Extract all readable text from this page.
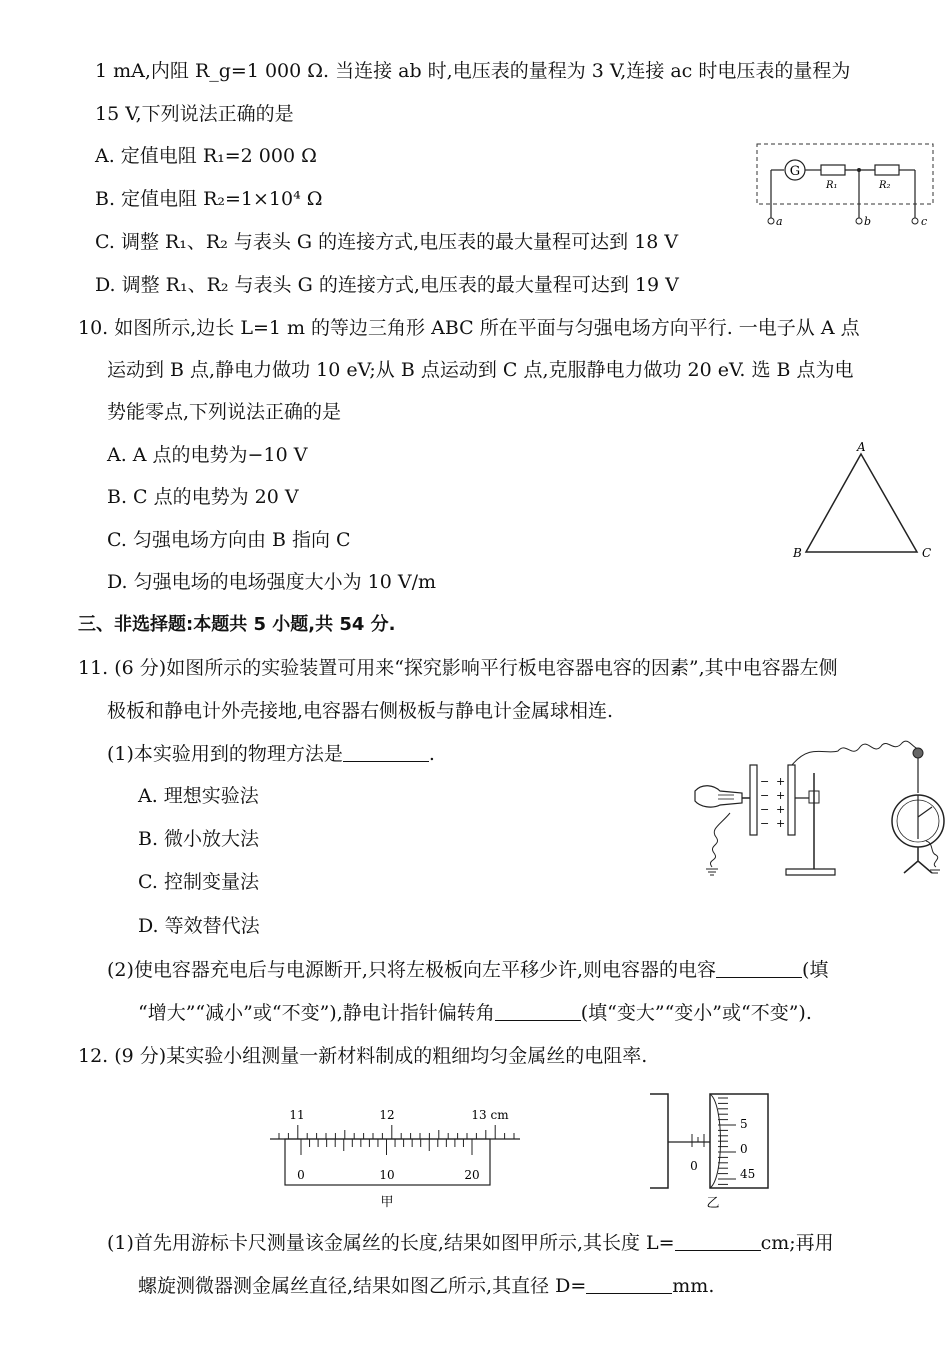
1 mA,内阻 R_g=1 000 Ω. 当连接 ab 时,电压表的量程为 3 V,连接 ac 时电压表的量程为
15 V,下列说法正确的是
A. 定值电阻 R₁=2 000 Ω
B. 定值电阻 R₂=1×10⁴ Ω
C. 调整 R₁、R₂ 与表头 G 的连接方式,电压表的最大量程可达到 18 V
D. 调整 R₁、R₂ 与表头 G 的连接方式,电压表的最大量程可达到 19 V
G
R₁	R₂
a	b	c
10. 如图所示,边长 L=1 m 的等边三角形 ABC 所在平面与匀强电场方向平行. 一电子从 A 点
运动到 B 点,静电力做功 10 eV;从 B 点运动到 C 点,克服静电力做功 20 eV. 选 B 点为电
势能零点,下列说法正确的是
A. A 点的电势为−10 V
B. C 点的电势为 20 V
C. 匀强电场方向由 B 指向 C
D. 匀强电场的电场强度大小为 10 V/m
A
B	C
三、非选择题:本题共 5 小题,共 54 分.
11. (6 分)如图所示的实验装置可用来“探究影响平行板电容器电容的因素”,其中电容器左侧
极板和静电计外壳接地,电容器右侧极板与静电计金属球相连.
(1)本实验用到的物理方法是	.
A. 理想实验法
B. 微小放大法
C. 控制变量法
D. 等效替代法
−
−
−
−
+
+
+
+
(2)使电容器充电后与电源断开,只将左极板向左平移少许,则电容器的电容	(填
“增大”“减小”或“不变”),静电计指针偏转角	(填“变大”“变小”或“不变”).
12. (9 分)某实验小组测量一新材料制成的粗细均匀金属丝的电阻率.
11	12	13 cm
0	10	20
甲
0
5
0
45
乙
(1)首先用游标卡尺测量该金属丝的长度,结果如图甲所示,其长度 L=	cm;再用
螺旋测微器测金属丝直径,结果如图乙所示,其直径 D=	mm.
